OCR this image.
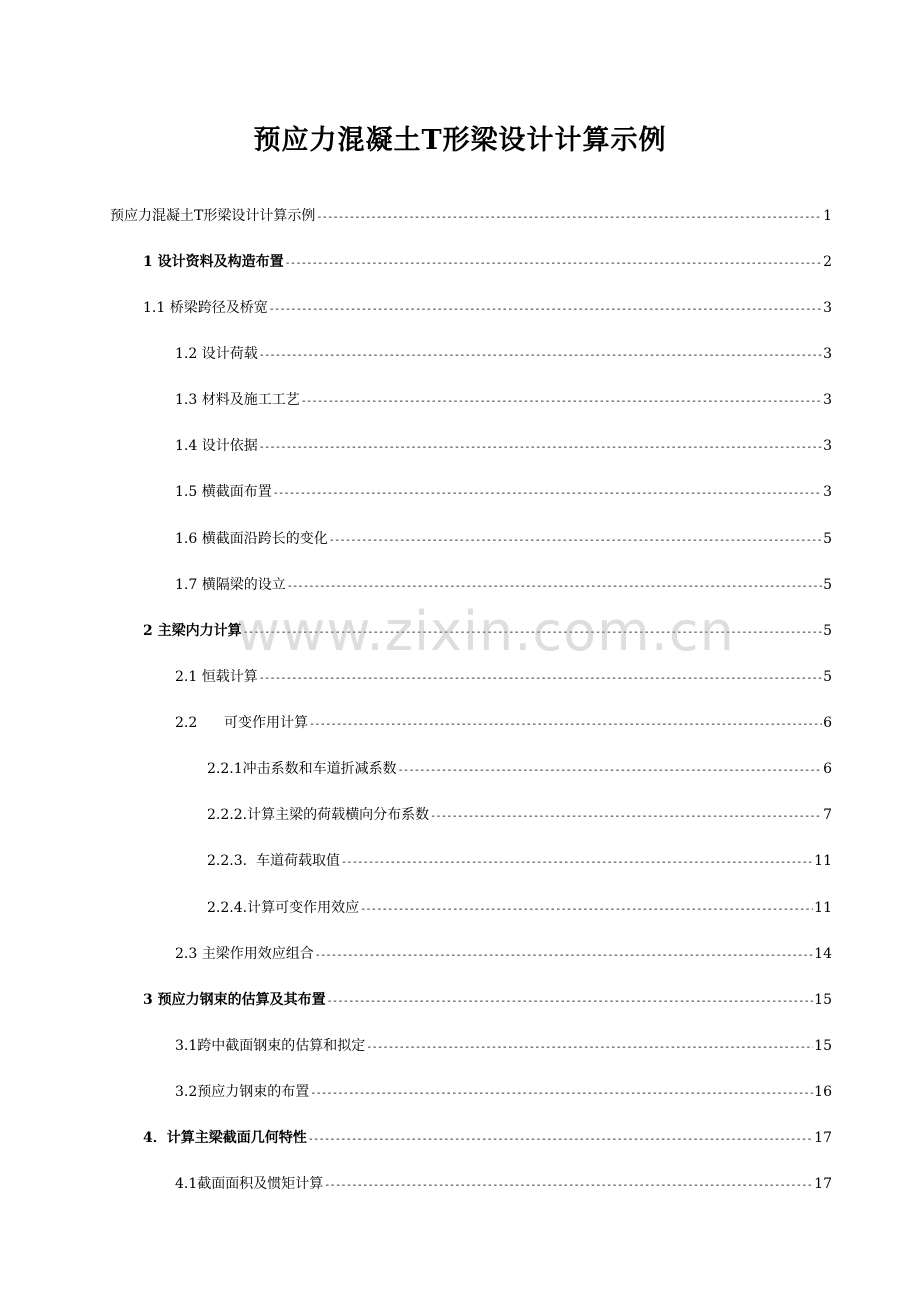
预应力混凝土T形梁设计计算示例
预应力混凝土T形梁设计计算示例 -----	1
1 设计资料及构造布置 -----	2
1.1 桥梁跨径及桥宽 -----	3
1.2 设计荷载 -----	3
1.3 材料及施工工艺 -----	3
1.4 设计依据 -----	3
1.5 横截面布置 -----	3
1.6 横截面沿跨长的变化 -----	5
1.7 横隔梁的设立 -----	5
2 主梁内力计算 -----	5
2.1 恒载计算 -----	5
2.2      可变作用计算 -----	6
2.2.1冲击系数和车道折减系数 -----	6
2.2.2.计算主梁的荷载横向分布系数 -----	7
2.2.3.  车道荷载取值 -----	11
2.2.4.计算可变作用效应 -----	11
2.3 主梁作用效应组合 -----	14
3 预应力钢束的估算及其布置 -----	15
3.1跨中截面钢束的估算和拟定 -----	15
3.2预应力钢束的布置 -----	16
4．计算主梁截面几何特性 -----	17
4.1截面面积及惯矩计算 -----	17
www.zixin.com.cn
